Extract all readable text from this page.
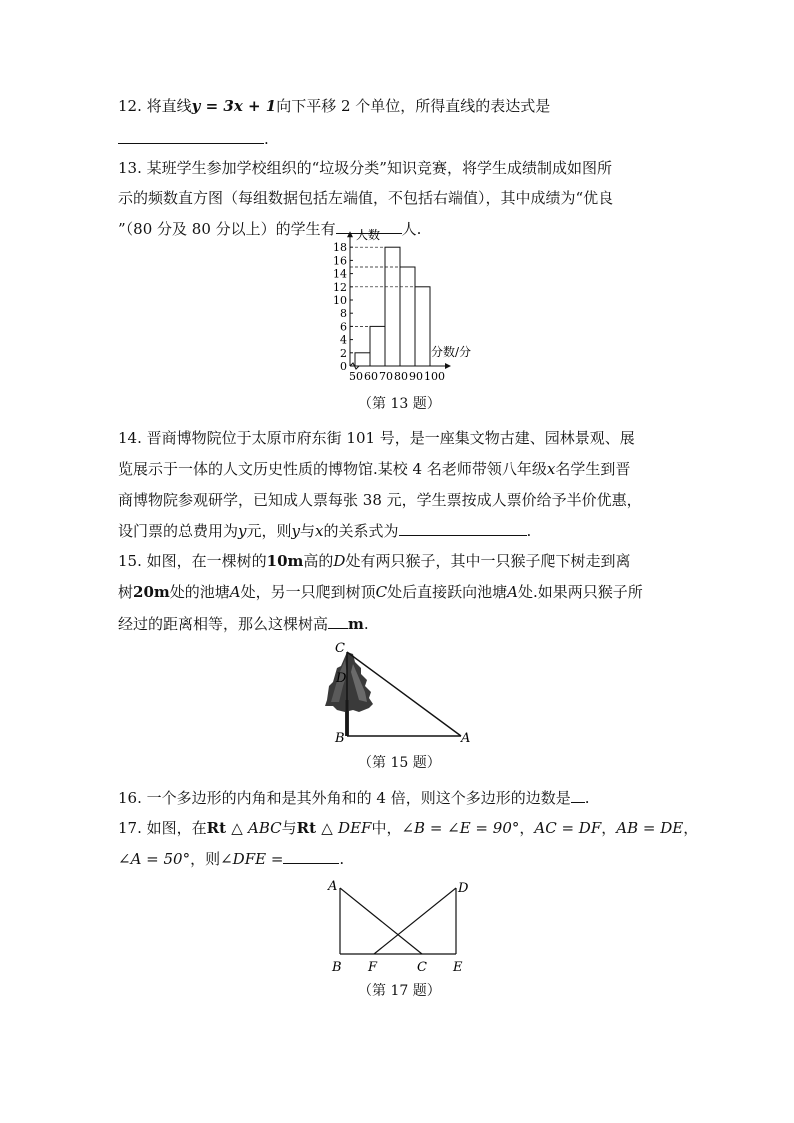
12. 将直线y = 3x + 1向下平移 2 个单位，所得直线的表达式是
.
13. 某班学生参加学校组织的“垃圾分类”知识竞赛，将学生成绩制成如图所
示的频数直方图（每组数据包括左端值，不包括右端值），其中成绩为“优良
”（80 分及 80 分以上）的学生有	人.
0
2
4
6
8
10
12
14
16
18
50 60 70 80 90 100
人数
分数/分
（第 13 题）
14. 晋商博物院位于太原市府东街 101 号，是一座集文物古建、园林景观、展
览展示于一体的人文历史性质的博物馆.某校 4 名老师带领八年级x名学生到晋
商博物院参观研学，已知成人票每张 38 元，学生票按成人票价给予半价优惠，
设门票的总费用为y元，则y与x的关系式为	.
15. 如图，在一棵树的10m高的D处有两只猴子，其中一只猴子爬下树走到离
树20m处的池塘A处，另一只爬到树顶C处后直接跃向池塘A处.如果两只猴子所
经过的距离相等，那么这棵树高 m.
C
D
B	A
（第 15 题）
16. 一个多边形的内角和是其外角和的 4 倍，则这个多边形的边数是 .
17. 如图，在Rt △ ABC与Rt △ DEF中，∠B = ∠E = 90°，AC = DF，AB = DE，
∠A = 50°，则∠DFE =	.
A	D
B F	C E
（第 17 题）
